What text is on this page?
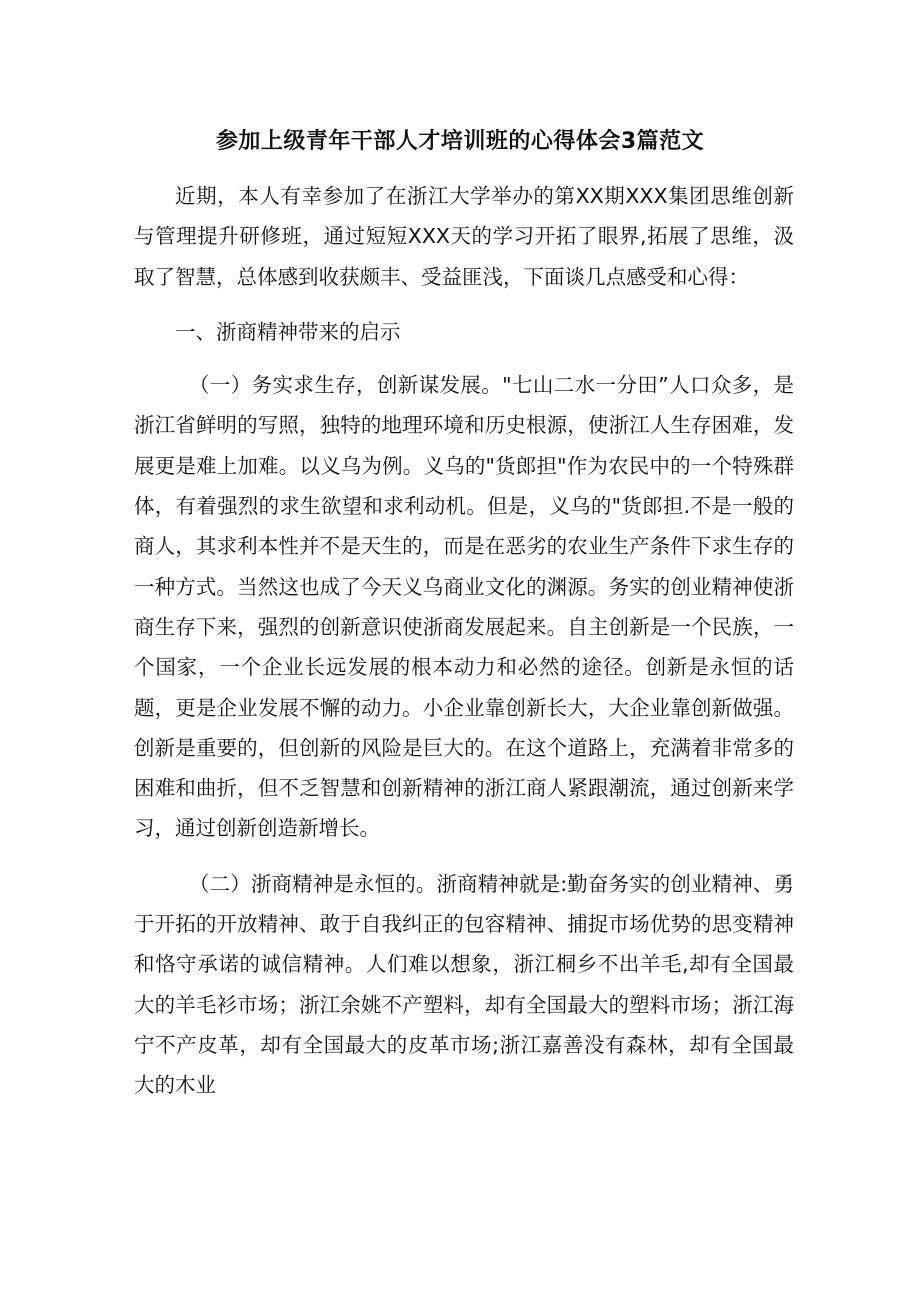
参加上级青年干部人才培训班的心得体会3篇范文

近期，本人有幸参加了在浙江大学举办的第XX期XXX集团思维创新与管理提升研修班，通过短短XXX天的学习开拓了眼界,拓展了思维，汲取了智慧，总体感到收获颇丰、受益匪浅，下面谈几点感受和心得：

一、浙商精神带来的启示

（一）务实求生存，创新谋发展。"七山二水一分田”人口众多，是浙江省鲜明的写照，独特的地理环境和历史根源，使浙江人生存困难，发展更是难上加难。以义乌为例。义乌的"货郎担"作为农民中的一个特殊群体，有着强烈的求生欲望和求利动机。但是，义乌的"货郎担.不是一般的商人，其求利本性并不是天生的，而是在恶劣的农业生产条件下求生存的一种方式。当然这也成了今天义乌商业文化的渊源。务实的创业精神使浙商生存下来，强烈的创新意识使浙商发展起来。自主创新是一个民族，一个国家，一个企业长远发展的根本动力和必然的途径。创新是永恒的话题，更是企业发展不懈的动力。小企业靠创新长大，大企业靠创新做强。创新是重要的，但创新的风险是巨大的。在这个道路上，充满着非常多的困难和曲折，但不乏智慧和创新精神的浙江商人紧跟潮流，通过创新来学习，通过创新创造新增长。

（二）浙商精神是永恒的。浙商精神就是:勤奋务实的创业精神、勇于开拓的开放精神、敢于自我纠正的包容精神、捕捉市场优势的思变精神和恪守承诺的诚信精神。人们难以想象，浙江桐乡不出羊毛,却有全国最大的羊毛衫市场；浙江余姚不产塑料，却有全国最大的塑料市场；浙江海宁不产皮革，却有全国最大的皮革市场;浙江嘉善没有森林，却有全国最大的木业
